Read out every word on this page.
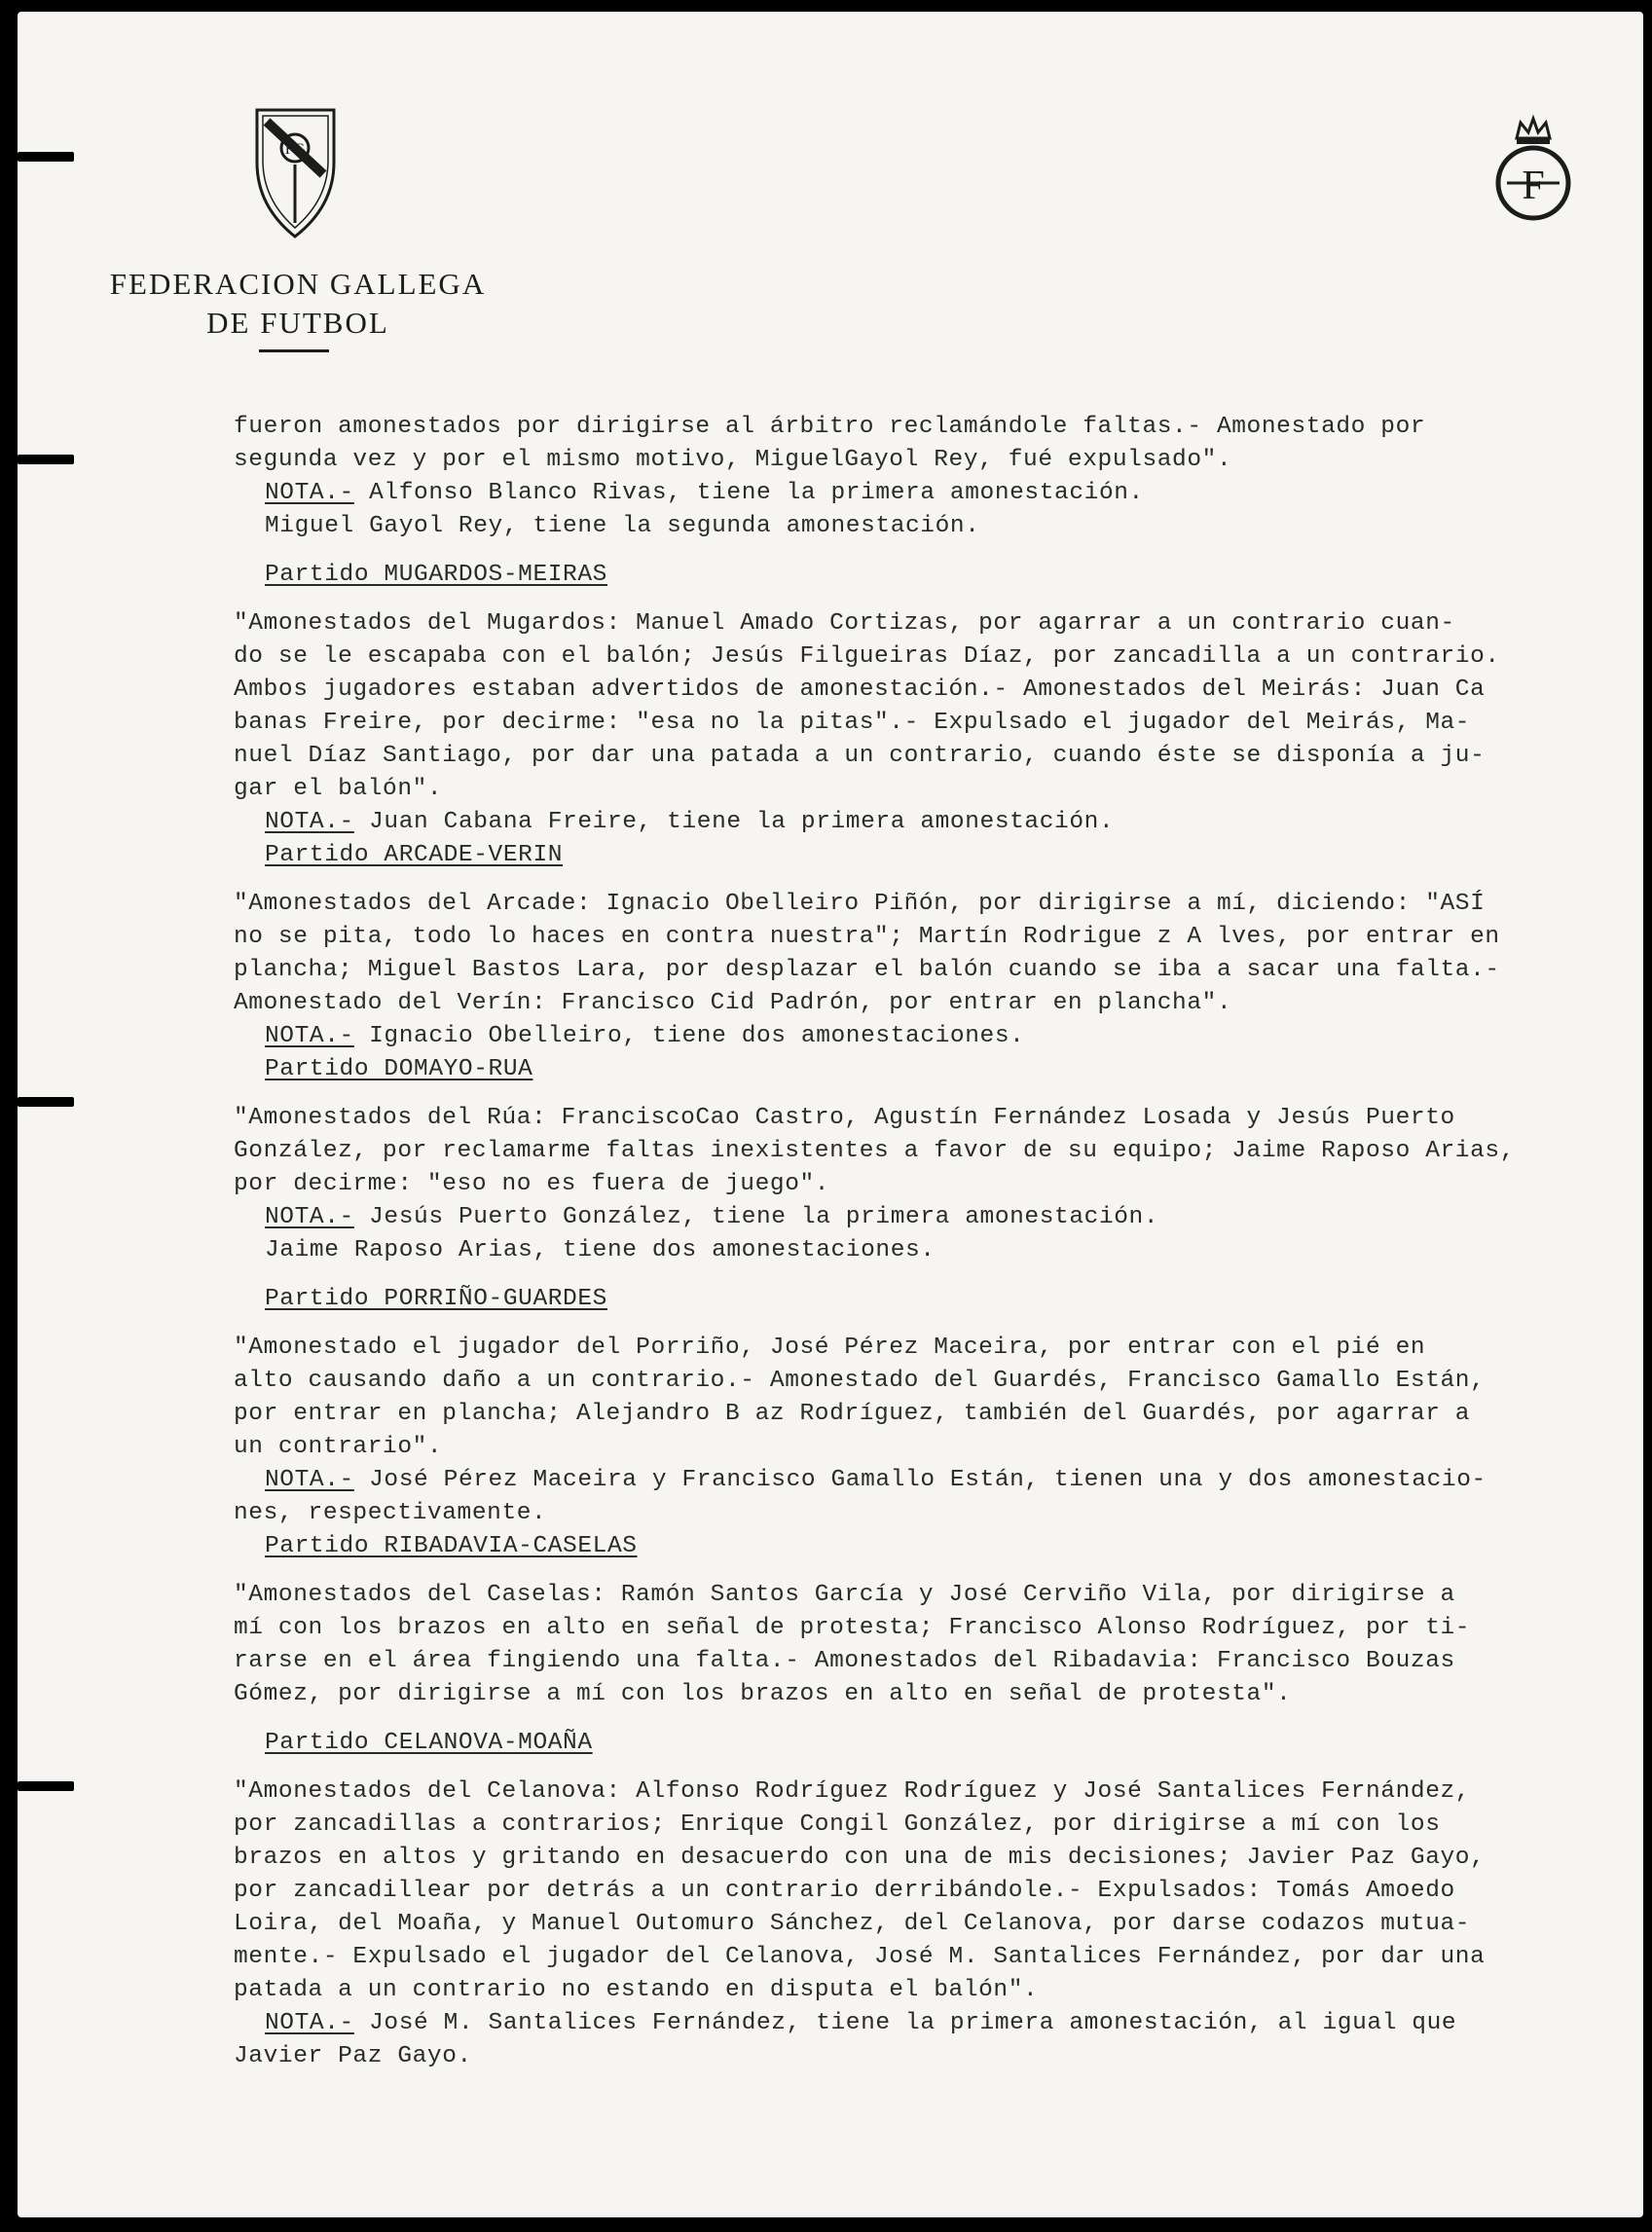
FG
FEDERACION GALLEGA
DE FUTBOL
F

fueron amonestados por dirigirse al árbitro reclamándole faltas.- Amonestado por

segunda vez y por el mismo motivo, MiguelGayol Rey, fué expulsado".

NOTA.- Alfonso Blanco Rivas, tiene la primera amonestación.

Miguel Gayol Rey, tiene la segunda amonestación.

Partido MUGARDOS-MEIRAS

"Amonestados del Mugardos: Manuel Amado Cortizas, por agarrar a un contrario cuan-

do se le escapaba con el balón; Jesús Filgueiras Díaz, por zancadilla a un contrario.

Ambos jugadores estaban advertidos de amonestación.- Amonestados del Meirás: Juan Ca

banas Freire, por decirme: "esa no la pitas".- Expulsado el jugador del Meirás, Ma-

nuel Díaz Santiago, por dar una patada a un contrario, cuando éste se disponía a ju-

gar el balón".

NOTA.- Juan Cabana Freire, tiene la primera amonestación.

Partido ARCADE-VERIN

"Amonestados del Arcade: Ignacio Obelleiro Piñón, por dirigirse a mí, diciendo: "ASÍ

no se pita, todo lo haces en contra nuestra"; Martín Rodrigue z A lves, por entrar en

plancha; Miguel Bastos Lara, por desplazar el balón cuando se iba a sacar una falta.-

Amonestado del Verín: Francisco Cid Padrón, por entrar en plancha".

NOTA.- Ignacio Obelleiro, tiene dos amonestaciones.

Partido DOMAYO-RUA

"Amonestados del Rúa: FranciscoCao Castro, Agustín Fernández Losada y Jesús Puerto

González, por reclamarme faltas inexistentes a favor de su equipo; Jaime Raposo Arias,

por decirme: "eso no es fuera de juego".

NOTA.- Jesús Puerto González, tiene la primera amonestación.

Jaime Raposo Arias, tiene dos amonestaciones.

Partido PORRIÑO-GUARDES

"Amonestado el jugador del Porriño, José Pérez Maceira, por entrar con el pié en

alto causando daño a un contrario.- Amonestado del Guardés, Francisco Gamallo Están,

por entrar en plancha; Alejandro B az Rodríguez, también del Guardés, por agarrar a

un contrario".

NOTA.- José Pérez Maceira y Francisco Gamallo Están, tienen una y dos amonestacio-

nes, respectivamente.

Partido RIBADAVIA-CASELAS

"Amonestados del Caselas: Ramón Santos García y José Cerviño Vila, por dirigirse a

mí con los brazos en alto en señal de protesta; Francisco Alonso Rodríguez, por ti-

rarse en el área fingiendo una falta.- Amonestados del Ribadavia: Francisco Bouzas

Gómez, por dirigirse a mí con los brazos en alto en señal de protesta".

Partido CELANOVA-MOAÑA

"Amonestados del Celanova: Alfonso Rodríguez Rodríguez y José Santalices Fernández,

por zancadillas a contrarios; Enrique Congil González, por dirigirse a mí con los

brazos en altos y gritando en desacuerdo con una de mis decisiones; Javier Paz Gayo,

por zancadillear por detrás a un contrario derribándole.- Expulsados: Tomás Amoedo

Loira, del Moaña, y Manuel Outomuro Sánchez, del Celanova, por darse codazos mutua-

mente.- Expulsado el jugador del Celanova, José M. Santalices Fernández, por dar una

patada a un contrario no estando en disputa el balón".

NOTA.- José M. Santalices Fernández, tiene la primera amonestación, al igual que

Javier Paz Gayo.
